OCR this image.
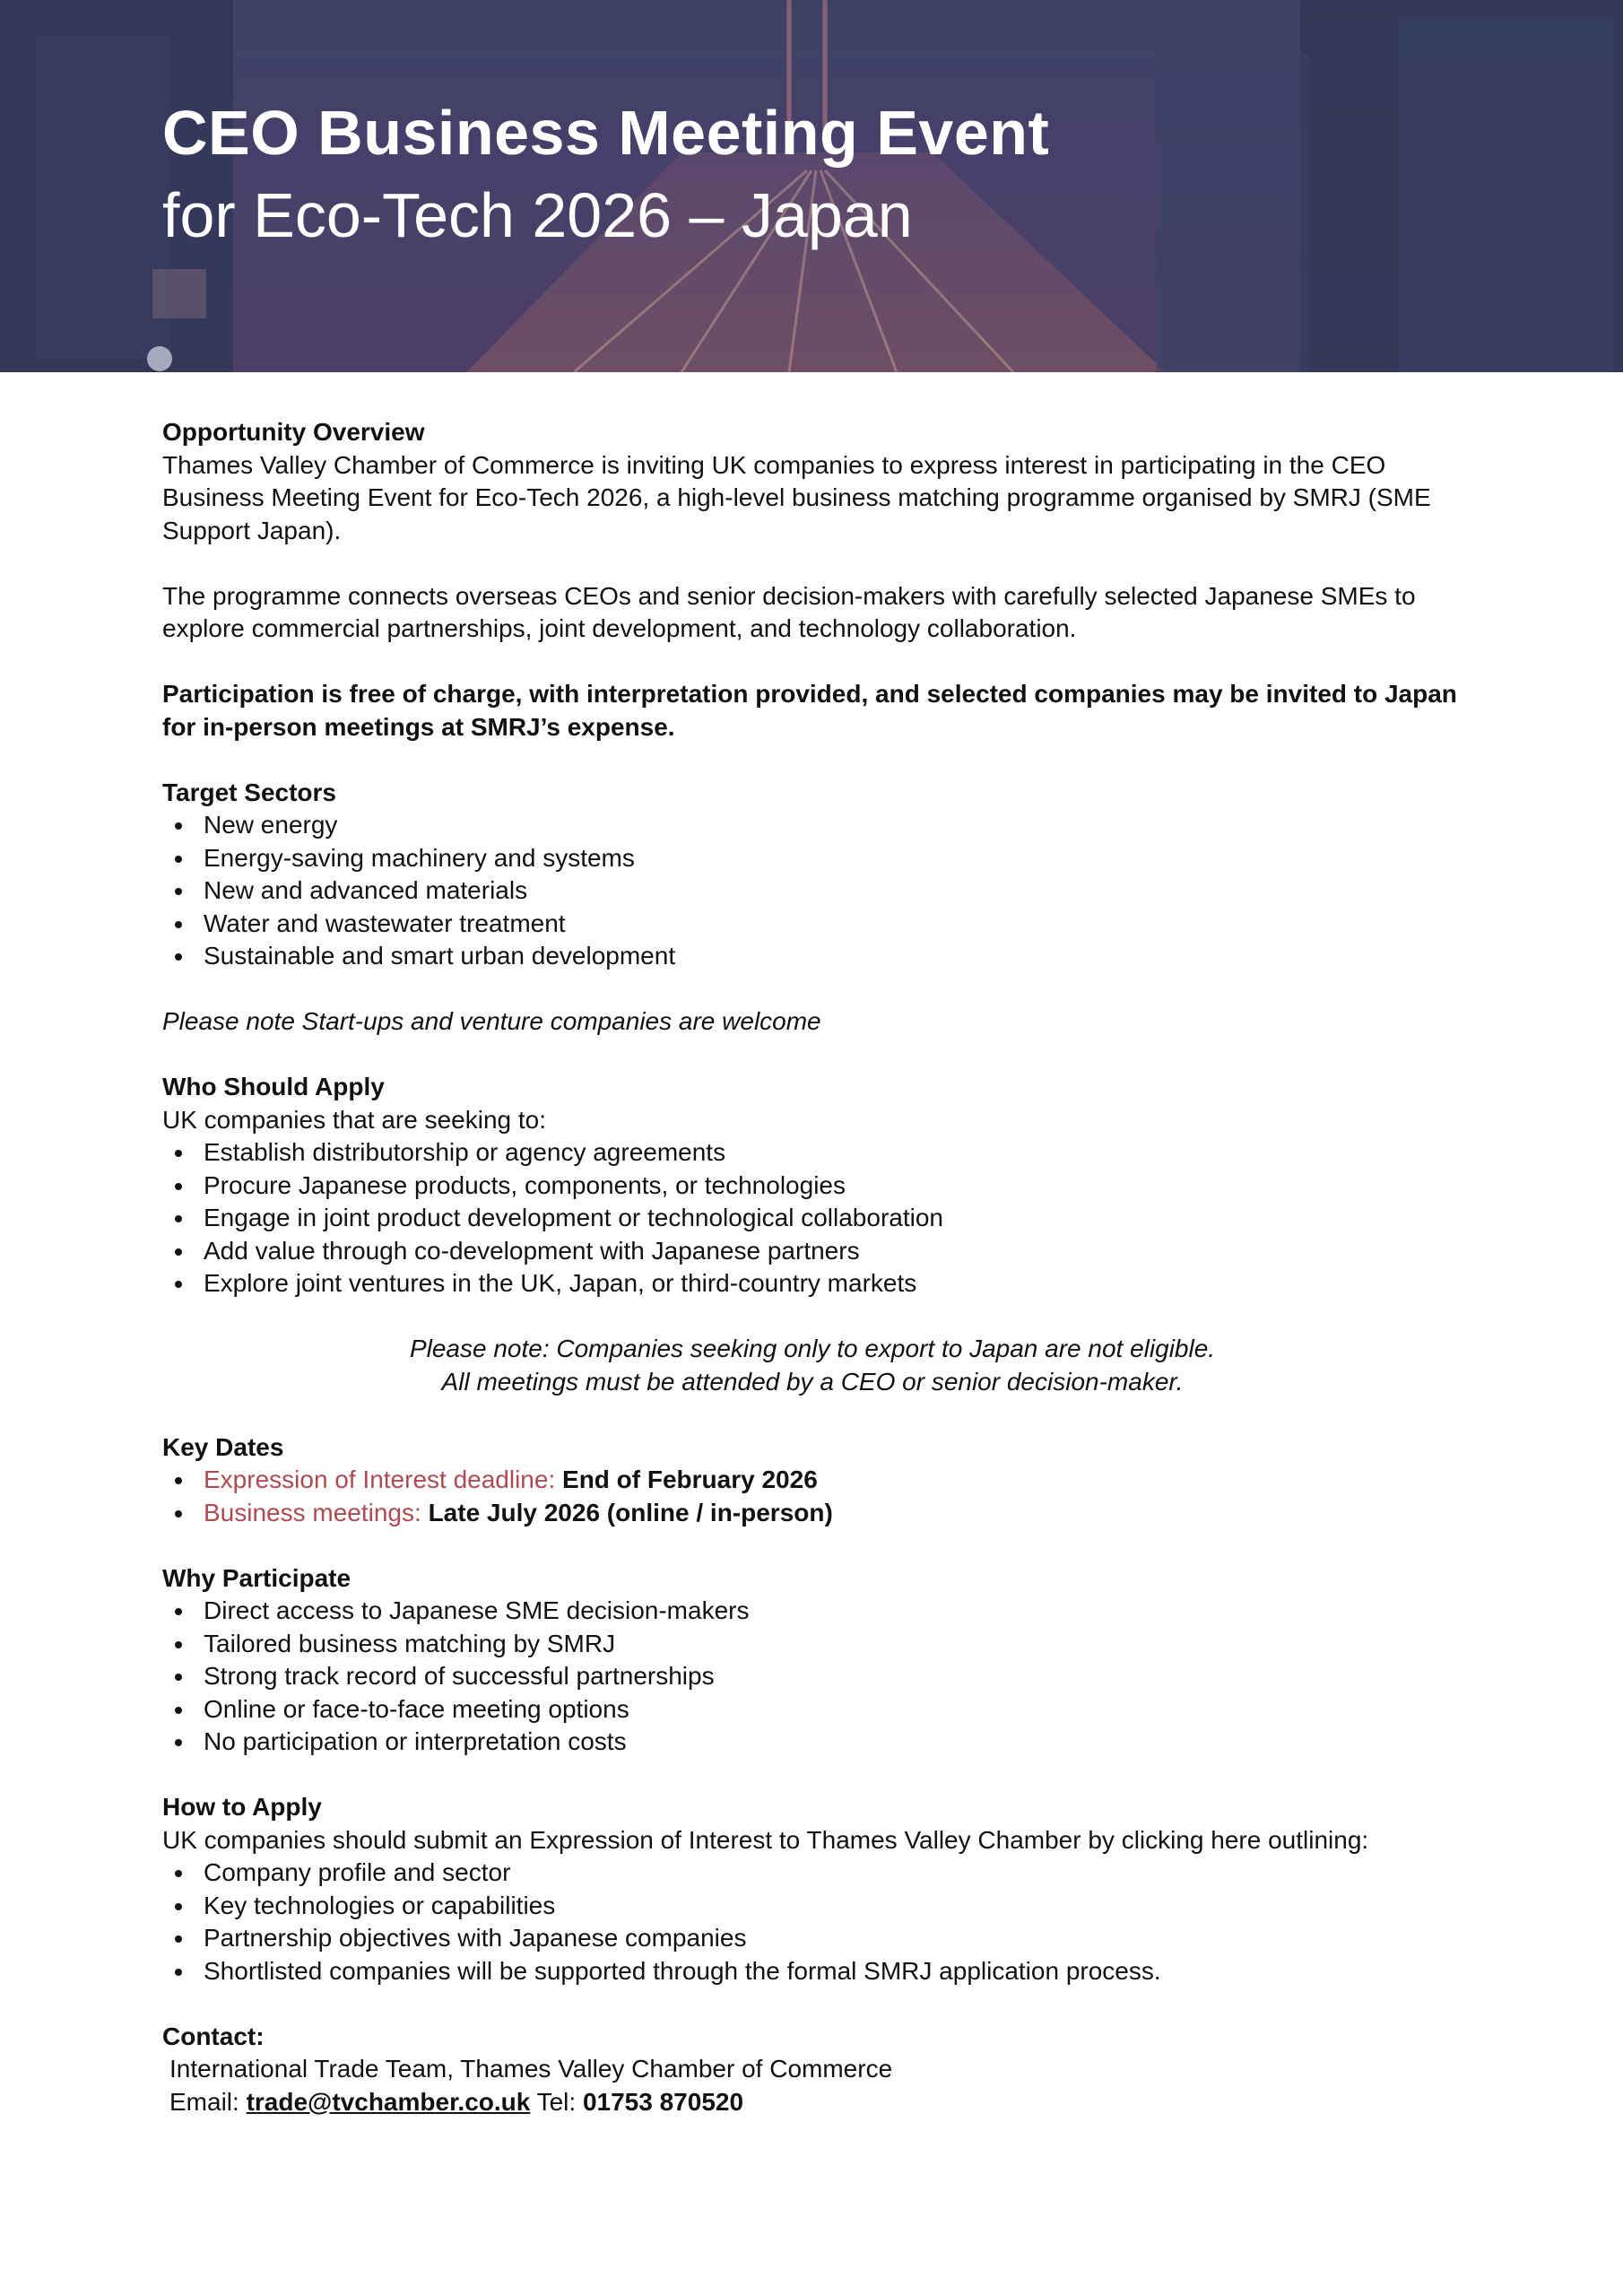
CEO Business Meeting Event
for Eco-Tech 2026 – Japan

Opportunity Overview

Thames Valley Chamber of Commerce is inviting UK companies to express interest in participating in the CEO Business Meeting Event for Eco-Tech 2026, a high-level business matching programme organised by SMRJ (SME Support Japan).

The programme connects overseas CEOs and senior decision-makers with carefully selected Japanese SMEs to explore commercial partnerships, joint development, and technology collaboration.

Participation is free of charge, with interpretation provided, and selected companies may be invited to Japan for in-person meetings at SMRJ’s expense.

Target Sectors

New energy
Energy-saving machinery and systems
New and advanced materials
Water and wastewater treatment
Sustainable and smart urban development

Please note Start-ups and venture companies are welcome

Who Should Apply

UK companies that are seeking to:

Establish distributorship or agency agreements
Procure Japanese products, components, or technologies
Engage in joint product development or technological collaboration
Add value through co-development with Japanese partners
Explore joint ventures in the UK, Japan, or third-country markets

Please note: Companies seeking only to export to Japan are not eligible.

All meetings must be attended by a CEO or senior decision-maker.

Key Dates

Expression of Interest deadline: End of February 2026
Business meetings: Late July 2026 (online / in-person)

Why Participate

Direct access to Japanese SME decision-makers
Tailored business matching by SMRJ
Strong track record of successful partnerships
Online or face-to-face meeting options
No participation or interpretation costs

How to Apply

UK companies should submit an Expression of Interest to Thames Valley Chamber by clicking here outlining:

Company profile and sector
Key technologies or capabilities
Partnership objectives with Japanese companies
Shortlisted companies will be supported through the formal SMRJ application process.

Contact:

International Trade Team, Thames Valley Chamber of Commerce

Email: trade@tvchamber.co.uk Tel: 01753 870520
